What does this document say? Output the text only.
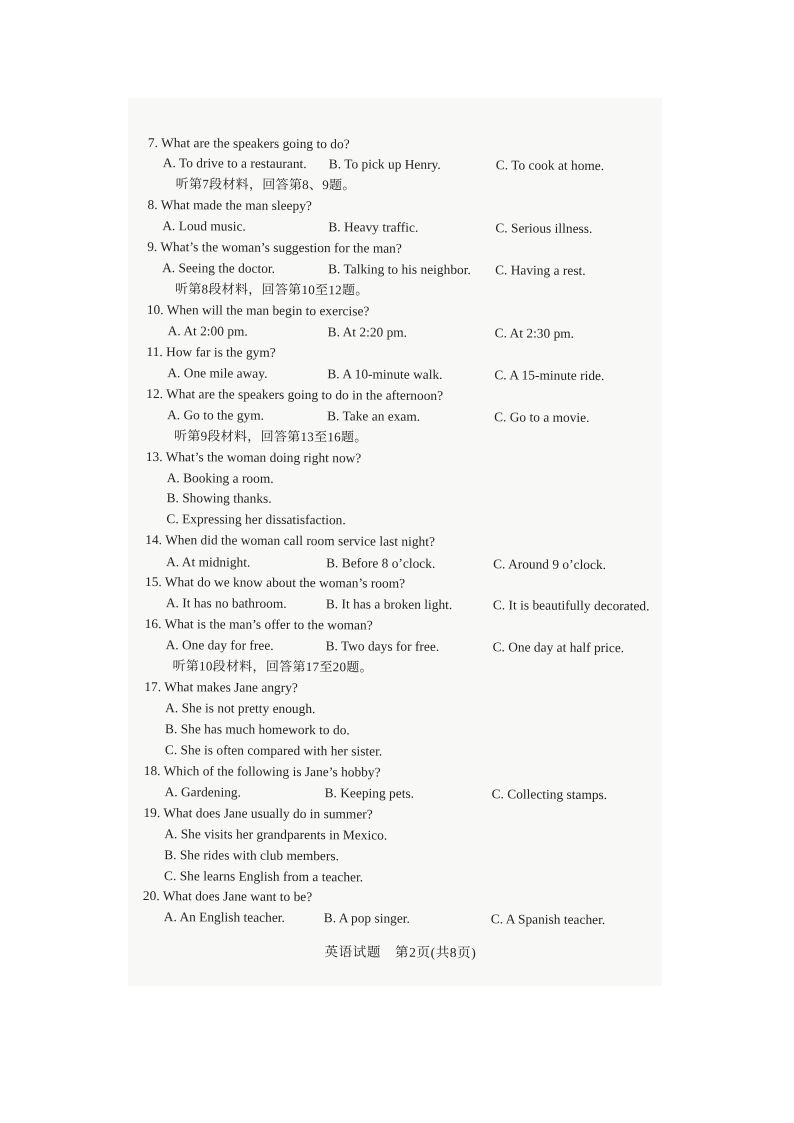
7. What are the speakers going to do?
A. To drive to a restaurant. B. To pick up Henry.	C. To cook at home.
听第7段材料，回答第8、9题。
8. What made the man sleepy?
A. Loud music.	B. Heavy traffic.	C. Serious illness.
9. What’s the woman’s suggestion for the man?
A. Seeing the doctor.	B. Talking to his neighbor. C. Having a rest.
听第8段材料，回答第10至12题。
10. When will the man begin to exercise?
A. At 2:00 pm.	B. At 2:20 pm.	C. At 2:30 pm.
11. How far is the gym?
A. One mile away.	B. A 10-minute walk.	C. A 15-minute ride.
12. What are the speakers going to do in the afternoon?
A. Go to the gym.	B. Take an exam.	C. Go to a movie.
听第9段材料，回答第13至16题。
13. What’s the woman doing right now?
A. Booking a room.
B. Showing thanks.
C. Expressing her dissatisfaction.
14. When did the woman call room service last night?
A. At midnight.	B. Before 8 o’clock.	C. Around 9 o’clock.
15. What do we know about the woman’s room?
A. It has no bathroom.	B. It has a broken light.	C. It is beautifully decorated.
16. What is the man’s offer to the woman?
A. One day for free.	B. Two days for free.	C. One day at half price.
听第10段材料，回答第17至20题。
17. What makes Jane angry?
A. She is not pretty enough.
B. She has much homework to do.
C. She is often compared with her sister.
18. Which of the following is Jane’s hobby?
A. Gardening.	B. Keeping pets.	C. Collecting stamps.
19. What does Jane usually do in summer?
A. She visits her grandparents in Mexico.
B. She rides with club members.
C. She learns English from a teacher.
20. What does Jane want to be?
A. An English teacher.	B. A pop singer.	C. A Spanish teacher.
英语试题　第2页(共8页)
